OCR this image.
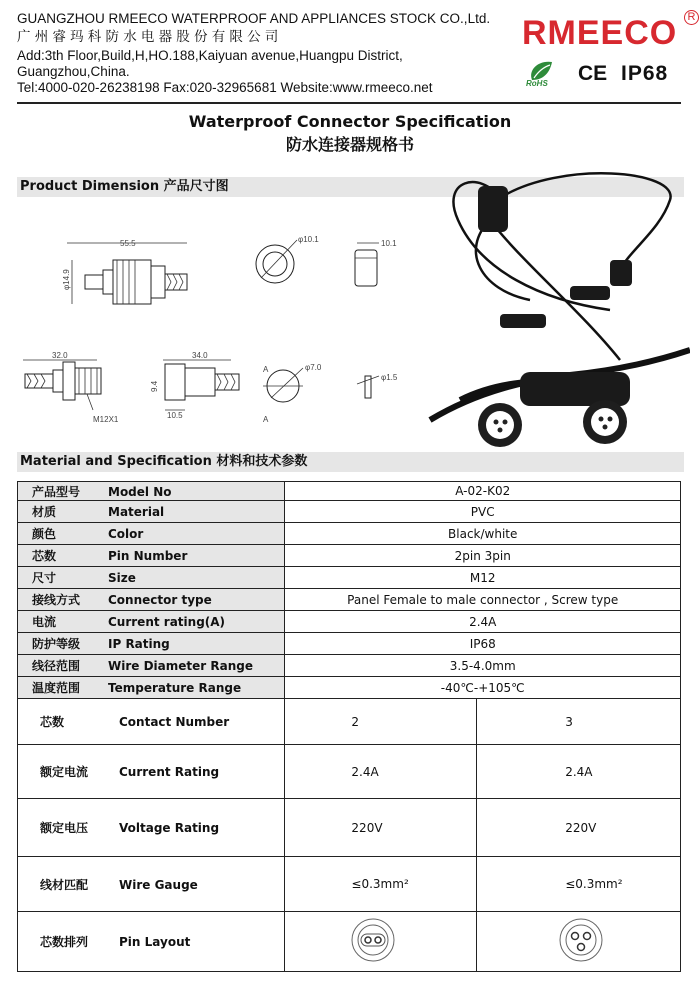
GUANGZHOU RMEECO WATERPROOF AND APPLIANCES STOCK CO.,Ltd.
广州睿玛科防水电器股份有限公司
Add:3th Floor,Build,H,HO.188,Kaiyuan avenue,Huangpu District,
Guangzhou,China.
Tel:4000-020-26238198 Fax:020-32965681 Website:www.rmeeco.net
RMEECO R
RoHS CE IP68
Waterproof Connector Specification
防水连接器规格书
Product Dimension 产品尺寸图
55.5
φ14.9
φ10.1	10.1
32.0
M12X1
34.0
9.4
10.5
A	φ7.0
A
φ1.5
Material and Specification 材料和技术参数
产品型号 Model No	A-02-K02	
材质 Material	PVC	
颜色 Color	Black/white	
芯数 Pin Number	2pin 3pin	
尺寸 Size	M12	
接线方式 Connector type	Panel Female to male connector , Screw type	
电流 Current rating(A)	2.4A	
防护等级 IP Rating	IP68	
线径范围 Wire Diameter Range	3.5-4.0mm	
温度范围 Temperature Range	-40℃-+105℃	
芯数 Contact Number	2	3
额定电流 Current Rating	2.4A	2.4A
额定电压 Voltage Rating	220V	220V
线材匹配 Wire Gauge	≤0.3mm²	≤0.3mm²
芯数排列 Pin Layout		
